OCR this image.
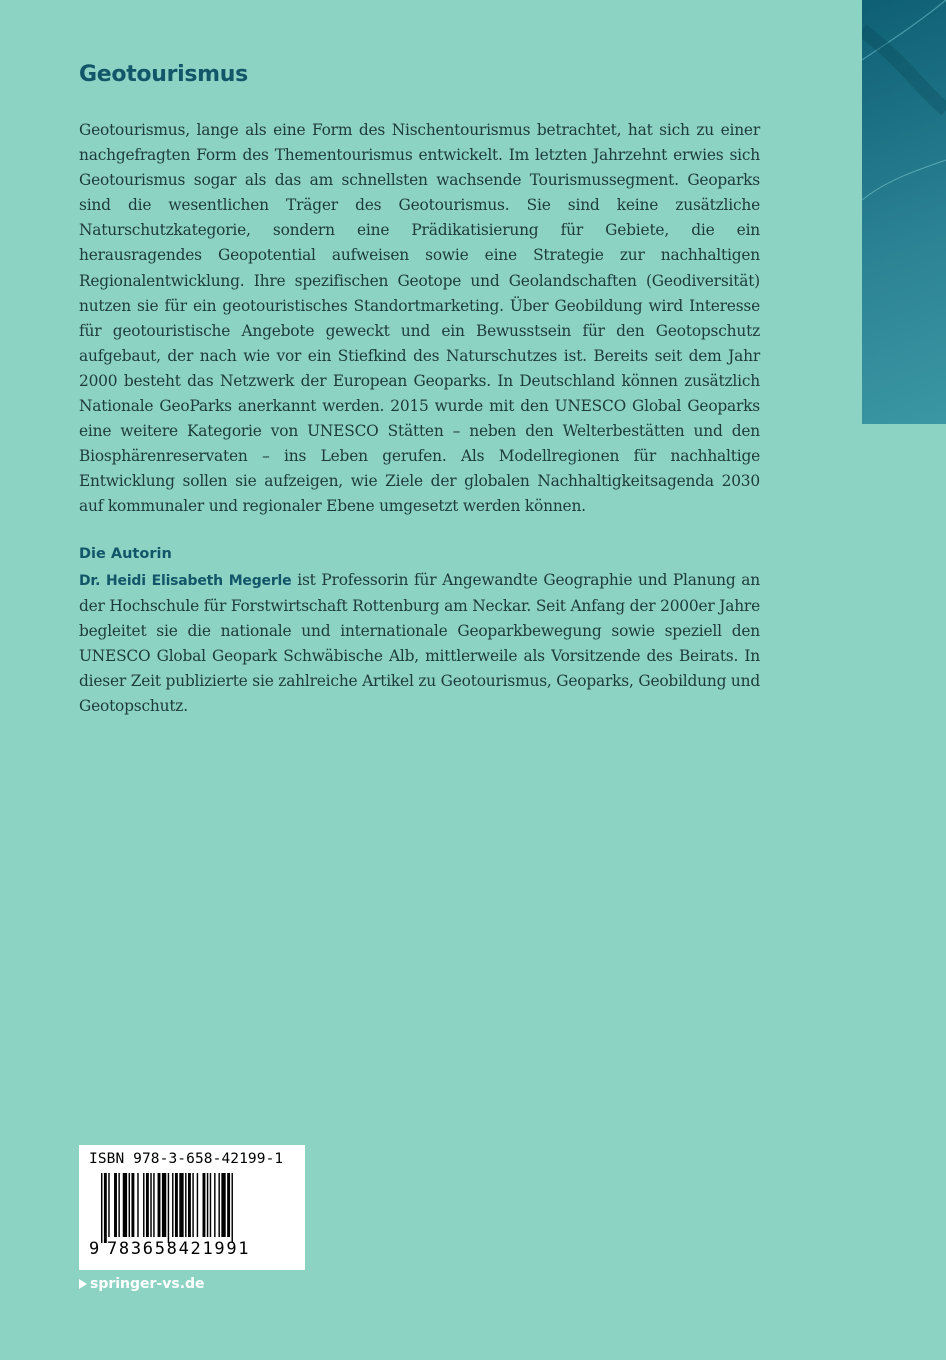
Geotourismus
Geotourismus, lange als eine Form des Nischentourismus betrachtet, hat sich zu einer nachgefragten Form des Thementourismus entwickelt. Im letzten Jahrzehnt erwies sich Geotourismus sogar als das am schnellsten wachsende Tourismussegment. Geoparks sind die wesentlichen Träger des Geotourismus. Sie sind keine zusätzliche Naturschutzkategorie, sondern eine Prädikatisierung für Gebiete, die ein herausragendes Geopotential aufweisen sowie eine Strategie zur nachhaltigen Regionalentwicklung. Ihre spezifischen Geotope und Geolandschaften (Geodiversität) nutzen sie für ein geotouristisches Standortmarketing. Über Geobildung wird Interesse für geotouristische Angebote geweckt und ein Bewusstsein für den Geotopschutz aufgebaut, der nach wie vor ein Stiefkind des Naturschutzes ist. Bereits seit dem Jahr 2000 besteht das Netzwerk der European Geoparks. In Deutschland können zusätzlich Nationale GeoParks anerkannt werden. 2015 wurde mit den UNESCO Global Geoparks eine weitere Kategorie von UNESCO Stätten – neben den Welterbestätten und den Biosphärenreservaten – ins Leben gerufen. Als Modellregionen für nachhaltige Entwicklung sollen sie aufzeigen, wie Ziele der globalen Nachhaltigkeitsagenda 2030 auf kommunaler und regionaler Ebene umgesetzt werden können.
Die Autorin
Dr. Heidi Elisabeth Megerle ist Professorin für Angewandte Geographie und Planung an der Hochschule für Forstwirtschaft Rottenburg am Neckar. Seit Anfang der 2000er Jahre begleitet sie die nationale und internationale Geoparkbewegung sowie speziell den UNESCO Global Geopark Schwäbische Alb, mittlerweile als Vorsitzende des Beirats. In dieser Zeit publizierte sie zahlreiche Artikel zu Geotourismus, Geoparks, Geobildung und Geotopschutz.
ISBN 978-3-658-42199-1
9 783658421991
springer-vs.de
